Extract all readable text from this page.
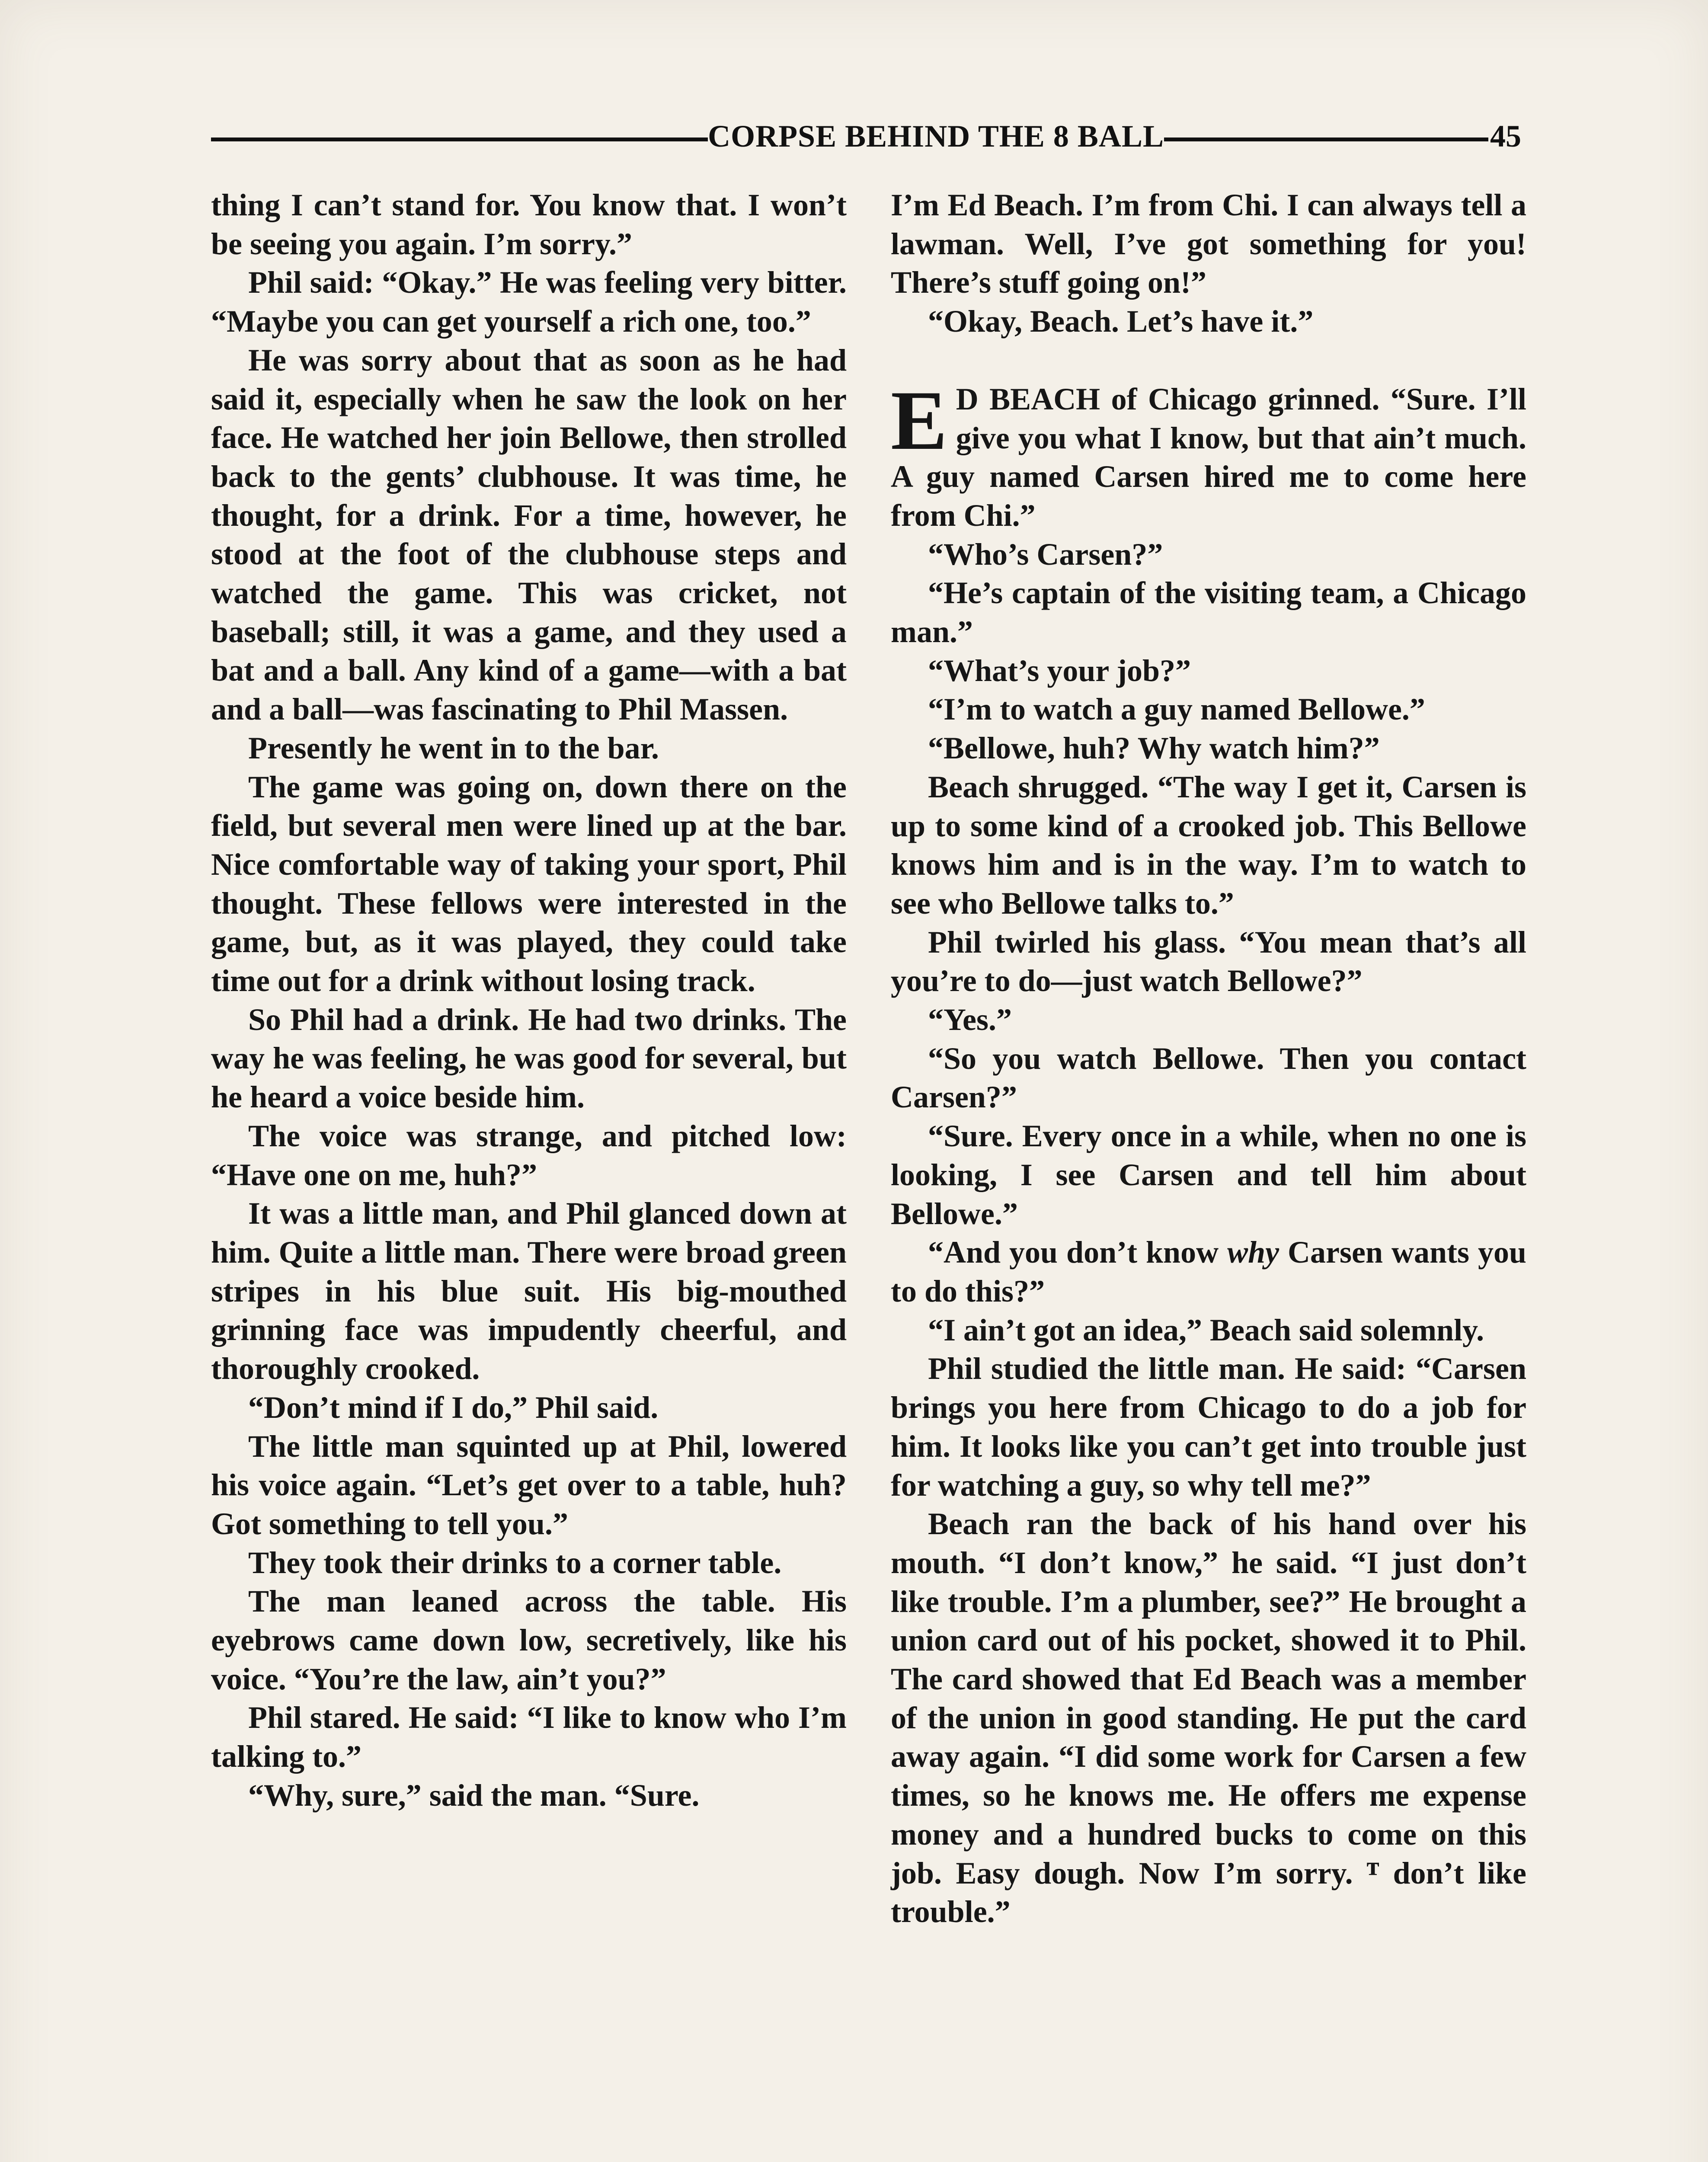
CORPSE BEHIND THE 8 BALL	45

thing I can’t stand for. You know that. I won’t be seeing you again. I’m sorry.”

Phil said: “Okay.” He was feeling very bitter. “Maybe you can get yourself a rich one, too.”

He was sorry about that as soon as he had said it, especially when he saw the look on her face. He watched her join Bellowe, then strolled back to the gents’ clubhouse. It was time, he thought, for a drink. For a time, however, he stood at the foot of the clubhouse steps and watched the game. This was cricket, not baseball; still, it was a game, and they used a bat and a ball. Any kind of a game—with a bat and a ball—was fascinating to Phil Massen.

Presently he went in to the bar.

The game was going on, down there on the field, but several men were lined up at the bar. Nice comfortable way of taking your sport, Phil thought. These fellows were interested in the game, but, as it was played, they could take time out for a drink without losing track.

So Phil had a drink. He had two drinks. The way he was feeling, he was good for several, but he heard a voice beside him.

The voice was strange, and pitched low: “Have one on me, huh?”

It was a little man, and Phil glanced down at him. Quite a little man. There were broad green stripes in his blue suit. His big-mouthed grinning face was impudently cheerful, and thoroughly crooked.

“Don’t mind if I do,” Phil said.

The little man squinted up at Phil, lowered his voice again. “Let’s get over to a table, huh? Got something to tell you.”

They took their drinks to a corner table.

The man leaned across the table. His eyebrows came down low, secretively, like his voice. “You’re the law, ain’t you?”

Phil stared. He said: “I like to know who I’m talking to.”

“Why, sure,” said the man. “Sure.

I’m Ed Beach. I’m from Chi. I can always tell a lawman. Well, I’ve got something for you! There’s stuff going on!”

“Okay, Beach. Let’s have it.”

E D BEACH of Chicago grinned. “Sure. I’ll give you what I know, but that ain’t much. A guy named Carsen hired me to come here from Chi.”

“Who’s Carsen?”

“He’s captain of the visiting team, a Chicago man.”

“What’s your job?”

“I’m to watch a guy named Bellowe.”

“Bellowe, huh? Why watch him?”

Beach shrugged. “The way I get it, Carsen is up to some kind of a crooked job. This Bellowe knows him and is in the way. I’m to watch to see who Bellowe talks to.”

Phil twirled his glass. “You mean that’s all you’re to do—just watch Bellowe?”

“Yes.”

“So you watch Bellowe. Then you contact Carsen?”

“Sure. Every once in a while, when no one is looking, I see Carsen and tell him about Bellowe.”

“And you don’t know why Carsen wants you to do this?”

“I ain’t got an idea,” Beach said solemnly.

Phil studied the little man. He said: “Carsen brings you here from Chicago to do a job for him. It looks like you can’t get into trouble just for watching a guy, so why tell me?”

Beach ran the back of his hand over his mouth. “I don’t know,” he said. “I just don’t like trouble. I’m a plumber, see?” He brought a union card out of his pocket, showed it to Phil. The card showed that Ed Beach was a member of the union in good standing. He put the card away again. “I did some work for Carsen a few times, so he knows me. He offers me expense money and a hundred bucks to come on this job. Easy dough. Now I’m sorry. ᵀ don’t like trouble.”
